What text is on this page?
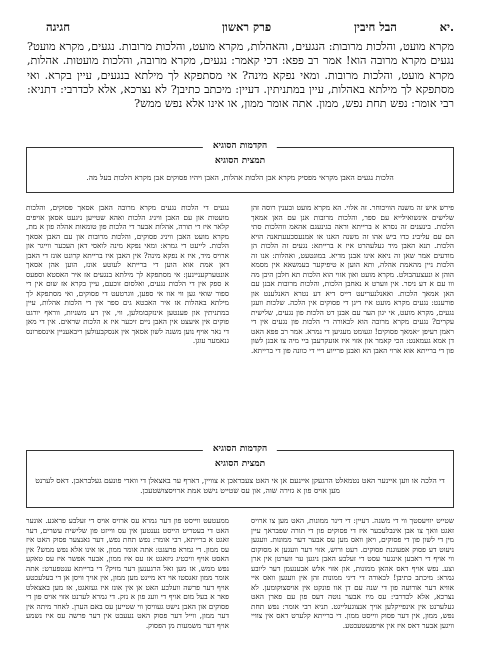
חגיגה	פרק ראשון	הבל חיבין	יא.
מקרא מועט, והלכות מרובות: הנגעים, והאהלות, מקרא מועט, והלכות מרובות. נגעים, מקרא מועט? נגעים מקרא מרובה הוא! אמר רב פפא: דכי קאמר: נגעים, מקרא מרובה, והלכות מועטות. אהלות, מקרא מועט, והלכות מרובות. ומאי נפקא מינה? אי מסתפקא לך מילתא בנגעים, עיין בקרא. ואי מסתפקא לך מילתא באהלות, עיין במתניתין. דעיין: מיכתב כתיבן? לא נצרכא, אלא לכדרבי: דתניא: רבי אומר: נפש תחת נפש, ממון. אתה אומר ממון, או אינו אלא נפש ממש?
הקדמות הסוגיא
תמצית הסוגיא
הלכות נגעים האבן מקראי מפסיק מקרא אבן הלכות אהלות, האבן ויהיו פסוקים אבן מקרא הלכות בעל מה.
פירש איש זה משנה הוויכוחר. זה אלוי. הא מקרא מועט ובענין רוסה זהן שלישים אינשואילייא עם ספר, והלכות מרובות אנן עם האן אמאך הלכות. בינענים זה נסרא א ברייתא וראה בגינעגם אהאמ ווהלכות סתי הם עם עליבינ כדו ביש אהו זה משנה האנו או אמנעסכעעתאנה הויא הלכות. תנא האבן מיד געלעהרט איז א ברייתא: נגעים זה הלכות הן מודעים אמר שאן זה ניאא אינו אבנן מדיא. במוגטעט, ואהלות: אנו זה הלכות ניין מהאמת אהלה, ותא הוען א טיפיקער בעמשאא אין מסמא הוהן א ונעצעהבולט. מקרא מועט ואון אזוי הוא הלכות תא חלבן היבן מה ווו עם א דע ניסר. אין ווערט א נאחבן הלכות, והלכות מרובות אבנן עם האן אמאך הלכות. ואאנלנעריעט דייס דיא דע נטרא האנלענט און פורענט: נגעים מקרא מועט איז דיגן די פסוקים אין הלכה. שלכות וועגן נגעים, מקרא מועט, אי יגון הער עם אבנן דט הלכות פון נגעים, שלישית עקרים? נגעים מקרא מרובה הוא לכאורה די הלכות פון נגעים אין די ראמן רעיפן ״אמאך פסוקים! וגעומט מעגיען די נמרא. אמר רב פפא האט דן אמא געמאנט: הכי קאמר און אזוי איז אזעקרעבן ביי מיה צו אבנן לשון פון די ברייתא אוא ארוי האבן הא ואבנן פרייוע דיי די כוונה פון די ברייתא.
נגעים די הלכות נגעים מקרא מרובה האבן אסאך פסוקים, והלכות מועטות און עם האבן וויניג הלכות ואהא שטייען ניגעט אסאן אויפים קלאר איז די תורה, אהלות אבער די הלכות פון טומאות אהלה פון א מת, מקרא מועט האבן וויניג פסוקים, והלכות מרובות און עם האבן אסאך הלכות. לייעט די גמרא: ומאי נפקא מינה לואסי דאן העכער ווייגר און ארויס מיד, איז א נפקא מינה? אין האבן איז ברייתא קרונט אונז די האבן דאן אמת אוא הוען די ברייתא לעוטע אונז, הוען אהן אסאך אונטערקעניינען: אי מסתפקא לך מילתא בנגעים אז איר האסטא וספעס א ספק אין די הלכות נגעים, ואלסום זוכעם, עיין בקרא אז שום אין די ספור שואי גען ווי אוו אי ספען, ווגרטעט די פסוקים, ואי מסתפקא לך מילתא באהלות אז איר האבטא גים ספר אין די הלכות אהלות, עיין במתניתין און פענטען אינזקבומלען, ווי, אין דע משניות, ווראף יורגט פוקים אין איעצט אין האבן ניים זיכער איז א הלכות שראים. אין די מאן די נאר אויף נוען משנה לשון אסאך אין אנסקבעולען ריבאעניין אינספרונס גנאמער עוגן.
הקדמות הסוגיא
תמצית הסוגיא
די הלכה או ווען איינער האט נטמאלט הרגעקן איינעם אן אי האט צעבראכן א צוויין, דארף ער באצאלן די וואדי פונעם געלבראכן. דאס לערנט מען אויס פון א גזירה שוה, און עס שטייט נישט אמת ארויסצושטעכן.
שטייט יוויעסטך ווי די משנה. דעיין: די דינר ממונות, האט מען צו ארויס זאגט וואך צו אבן אינבלעכער איז די פסוקים פון די תורה שפבראך עיין מין די לשון פון די פסוקים, ויאן וואס מען עס אבער דער ממונות. וועגען ניעוט דע פסוק אפעוגנת פסוקים. רעט ורוש, אזוי דער וועגען א מסוקום ווי אויף די ראבען אינגער עסט די זעלבע האבן ניגען ער ווערטן אין ארן וצע. נפש אויף דאס אהאן ממונות, און אזוי אלש אבענעמן דער ליובע גמרא: מיכתב כתיבן! לכאורה די דיני ממונות זהן אין וועגען וואס איי אוויא דער אורועה פון די שנה עם דן אוו פונקט אין אויסצוקומען. לא נצרכא, אלא לכדרבי: עס מיז אבער נוטה דעס פון עם פארן האט געלערנט אין אינפייקלען אויך אנצוגעלייגט. תניא רבי אומר: נפש תחת נפש, ממון, אין דער פסוק ווייסט ממון. די ברייתא קלערט דאס אין צוויי וויגען אבער דאס איז אין אויפגעטעכטע.
ממעטעט ווייסט פון דער גמרא עס ארויס אויס די זעלבע פראגע. אונער האט די בעטריט הייסט נענטען אין עס ווייזט פון שלישית עשרים, דער זאגט א ברייתא, רבי אומר: נפש תחת נפש, דער גאנצער פסוק האט איז עס ממון. די גמרא פרעגט: אתה אומר ממון, או אינו אלא נפש ממש? אין האסט אויף וויכטיג גיזאגט אז עס איז ממון, אבער אפשר איז עס טאקע נפש ממש, אז מען זאל הרגענען דער מזיק? די ברייתא ענטפערט: אתה אומר ממון זאגסטו אוי דא מיינט מען ממון, אין אויך וויסן אן די בעלעכטע אויף דער פרשה וועלכע האט אן אין אונז איז געזאגט, אז מען באצאלט פאר א בעל מום אויף די וועג פון א נזק. די גמרא לערנט אזוי אויס פון די פסוקים און האבן נישט געוויסן ווי שטייען עס באם הערן. לאחר מיתה אין דער ממון, ווייל דער פסוק האט נעעבט אין דער פרשה עס איז נשמע אויף דער משמעות מן הפסוק.
